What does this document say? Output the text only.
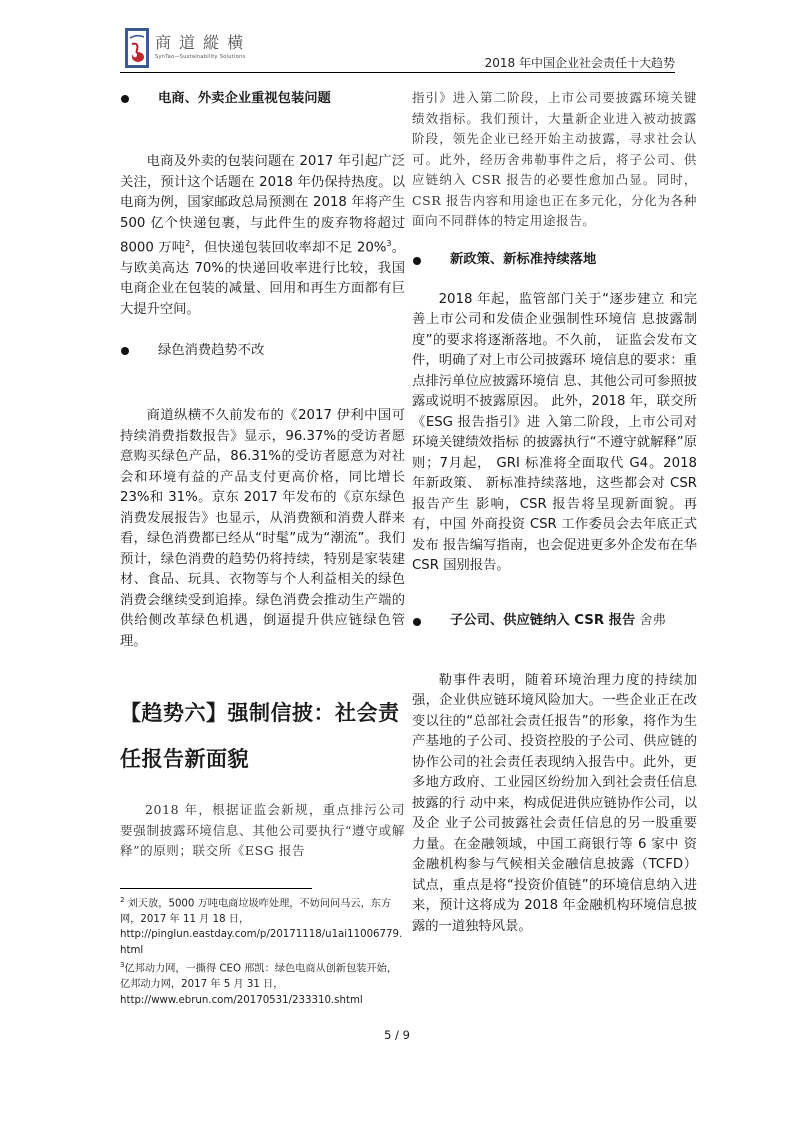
商道縱橫
SynTao—Sustainability Solutions	2018 年中国企业社会责任十大趋势
电商、外卖企业重视包装问题

电商及外卖的包装问题在 2017 年引起广泛关注，预计这个话题在 2018 年仍保持热度。以电商为例，国家邮政总局预测在 2018 年将产生 500 亿个快递包裹，与此件生的废弃物将超过 8000 万吨$^2$，但快递包装回收率却不足 20%$^3$。与欧美高达 70%的快递回收率进行比较，我国电商企业在包装的减量、回用和再生方面都有巨大提升空间。

绿色消费趋势不改

商道纵横不久前发布的《2017 伊利中国可持续消费指数报告》显示，96.37%的受访者愿意购买绿色产品，86.31%的受访者愿意为对社会和环境有益的产品支付更高价格，同比增长 23%和 31%。京东 2017 年发布的《京东绿色消费发展报告》也显示，从消费额和消费人群来看，绿色消费都已经从“时髦”成为“潮流”。我们预计，绿色消费的趋势仍将持续，特别是家装建材、食品、玩具、衣物等与个人利益相关的绿色消费会继续受到追捧。绿色消费会推动生产端的供给侧改革绿色机遇，倒逼提升供应链绿色管理。

【趋势六】强制信披：社会责任报告新面貌

2018 年，根据证监会新规，重点排污公司要强制披露环境信息、其他公司要执行“遵守或解释”的原则；联交所《ESG 报告

$^2$ 刘天放，5000 万吨电商垃圾咋处理，不妨问问马云，东方网，2017 年 11 月 18 日，
http://pinglun.eastday.com/p/20171118/u1ai11006779.html
$^3$亿邦动力网，一撕得 CEO 邢凯：绿色电商从创新包装开始，亿邦动力网，2017 年 5 月 31 日，
http://www.ebrun.com/20170531/233310.shtml

指引》进入第二阶段，上市公司要披露环境关键绩效指标。我们预计，大量新企业进入被动披露阶段，领先企业已经开始主动披露，寻求社会认可。此外，经历舍弗勒事件之后，将子公司、供应链纳入 CSR 报告的必要性愈加凸显。同时，CSR 报告内容和用途也正在多元化，分化为各种面向不同群体的特定用途报告。

新政策、新标准持续落地

2018 年起，监管部门关于“逐步建立 和完善上市公司和发债企业强制性环境信 息披露制度”的要求将逐渐落地。不久前， 证监会发布文件，明确了对上市公司披露环 境信息的要求：重点排污单位应披露环境信 息、其他公司可参照披露或说明不披露原因。 此外，2018 年，联交所《ESG 报告指引》进 入第二阶段，上市公司对环境关键绩效指标 的披露执行“不遵守就解释”原则；7月起， GRI 标准将全面取代 G4。2018 年新政策、 新标准持续落地，这些都会对 CSR 报告产生 影响，CSR 报告将呈现新面貌。再有，中国 外商投资 CSR 工作委员会去年底正式发布 报告编写指南，也会促进更多外企发布在华 CSR 国别报告。

子公司、供应链纳入 CSR 报告 舍弗

勒事件表明，随着环境治理力度的持续加强，企业供应链环境风险加大。一些企业正在改变以往的“总部社会责任报告”的形象，将作为生产基地的子公司、投资控股的子公司、供应链的协作公司的社会责任表现纳入报告中。此外，更多地方政府、工业园区纷纷加入到社会责任信息披露的行 动中来，构成促进供应链协作公司，以及企 业子公司披露社会责任信息的另一股重要 力量。在金融领域，中国工商银行等 6 家中 资金融机构参与气候相关金融信息披露（TCFD）试点，重点是将“投资价值链”的环境信息纳入进来，预计这将成为 2018 年金融机构环境信息披露的一道独特风景。

5 / 9
